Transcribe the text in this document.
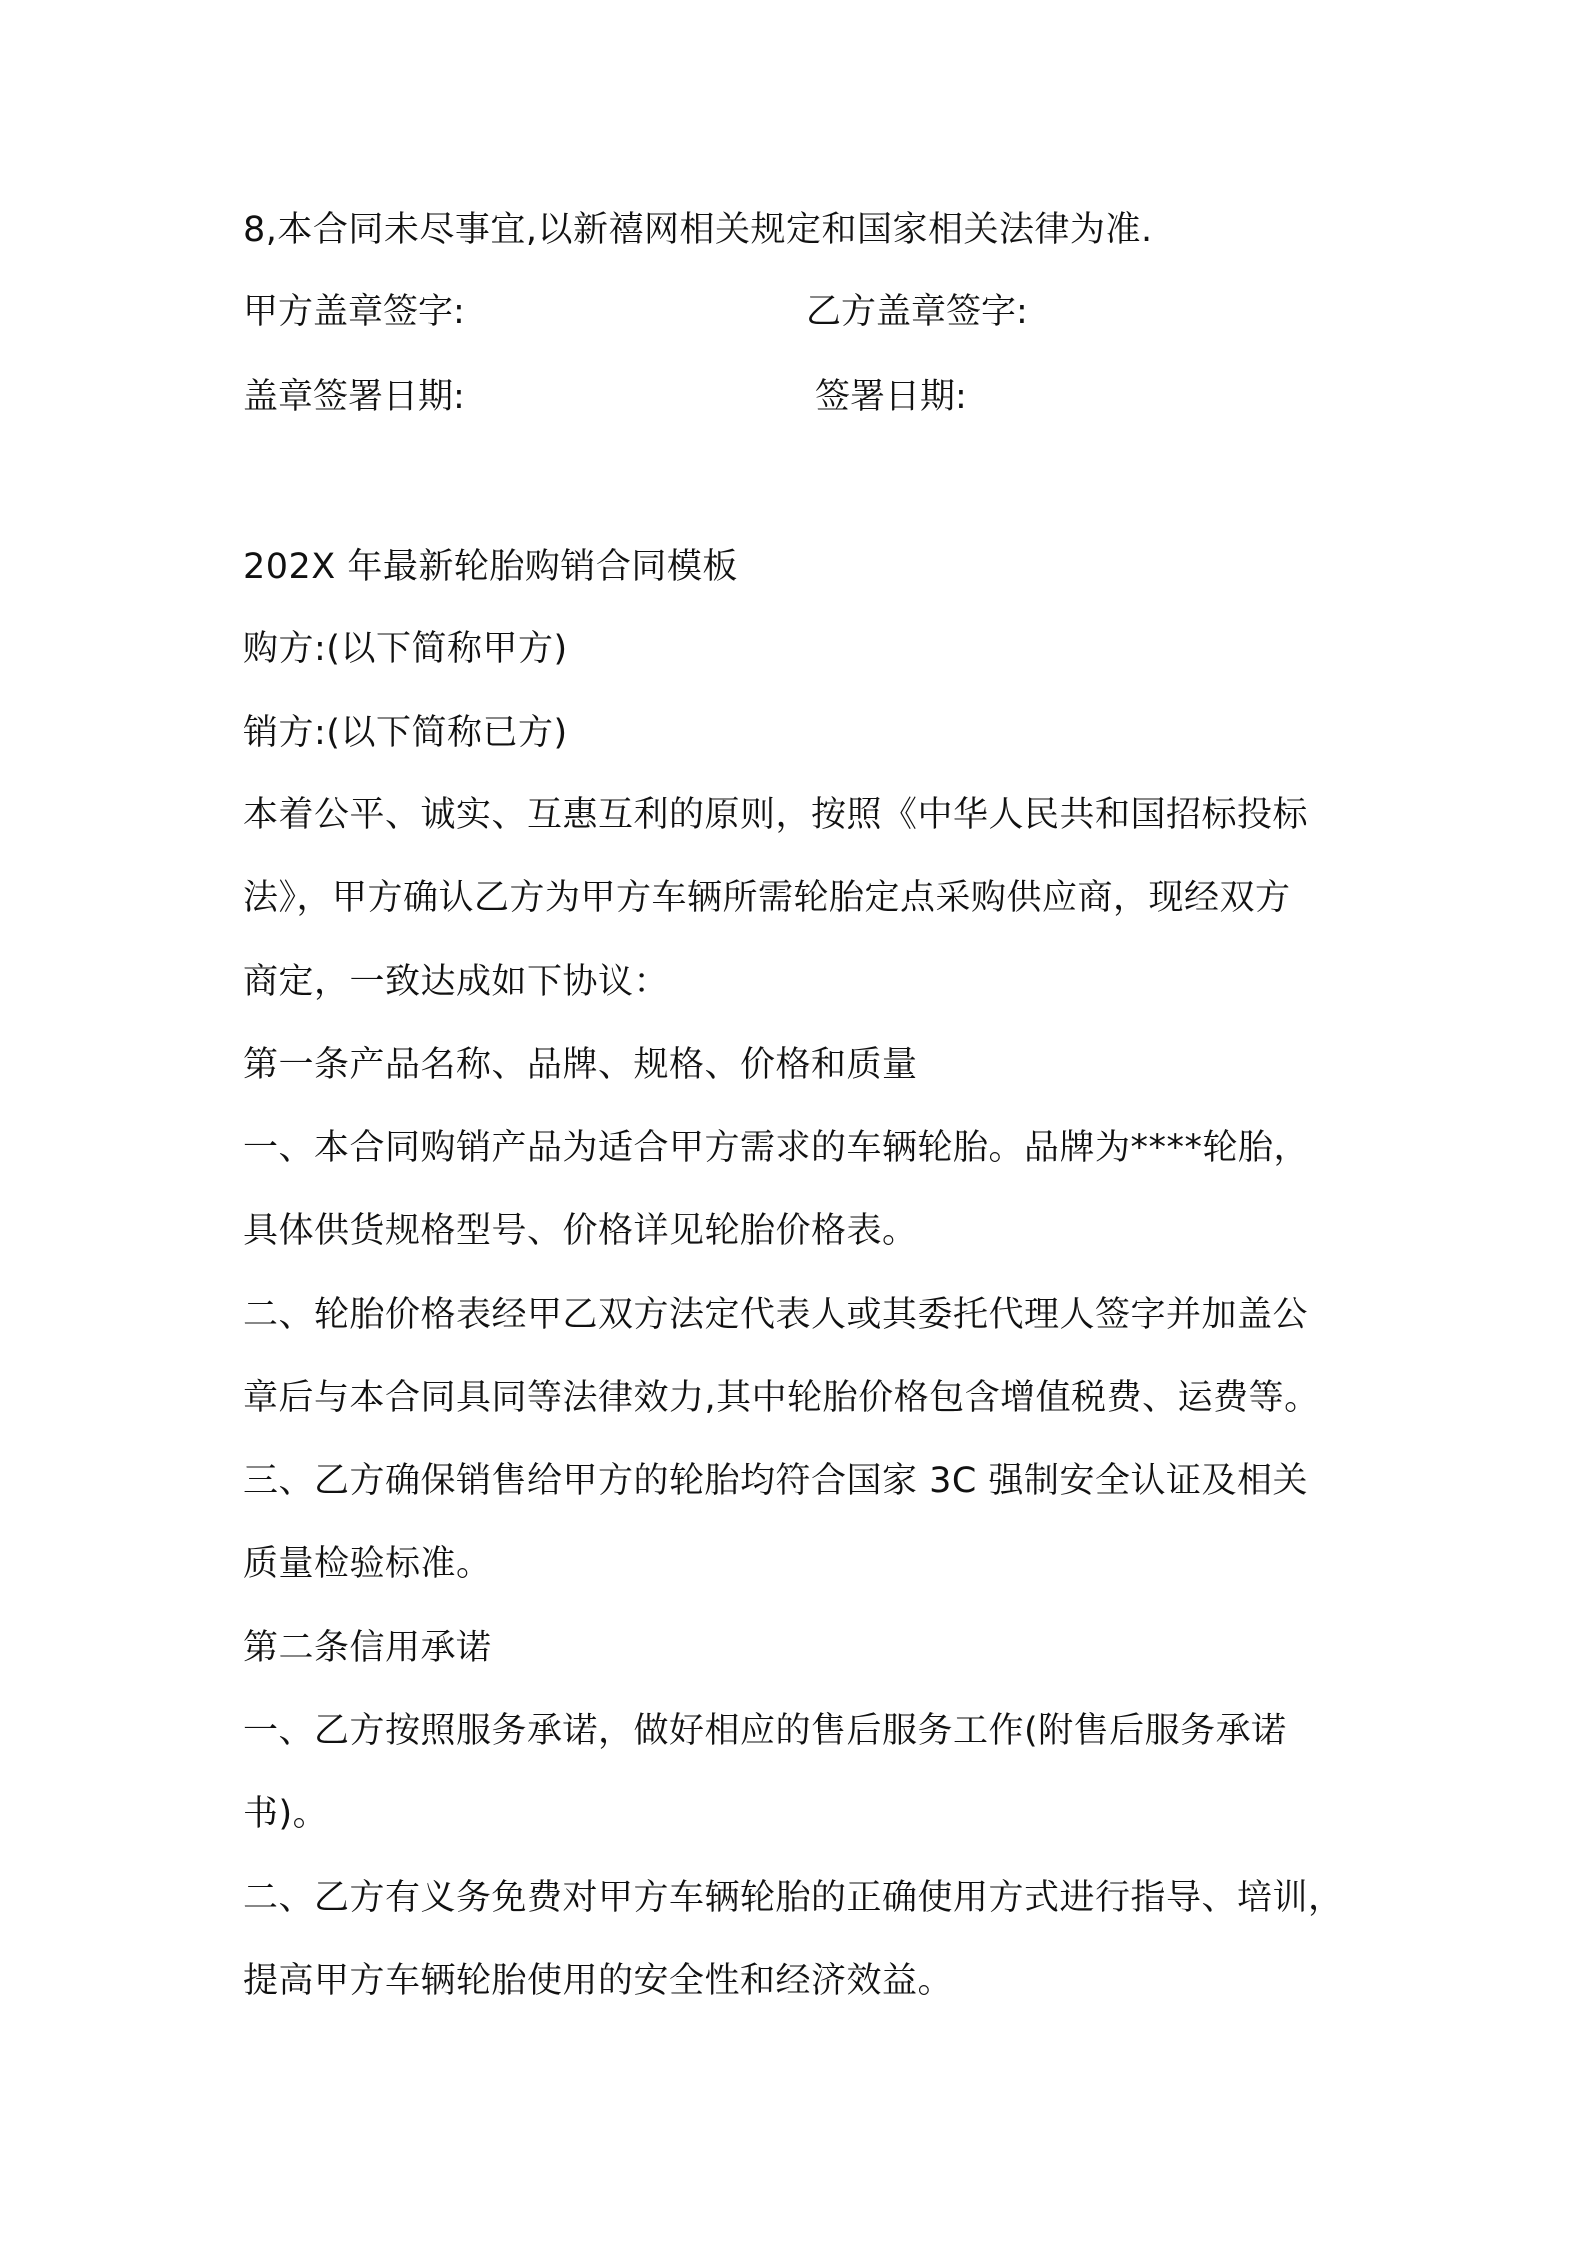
8,本合同未尽事宜,以新禧网相关规定和国家相关法律为准.
甲方盖章签字:	乙方盖章签字:
盖章签署日期:	签署日期:
202X 年最新轮胎购销合同模板
购方:(以下简称甲方)
销方:(以下简称已方)
本着公平、诚实、互惠互利的原则，按照《中华人民共和国招标投标
法》，甲方确认乙方为甲方车辆所需轮胎定点采购供应商，现经双方
商定，一致达成如下协议：
第一条产品名称、品牌、规格、价格和质量
一、本合同购销产品为适合甲方需求的车辆轮胎。品牌为****轮胎，
具体供货规格型号、价格详见轮胎价格表。
二、轮胎价格表经甲乙双方法定代表人或其委托代理人签字并加盖公
章后与本合同具同等法律效力,其中轮胎价格包含增值税费、运费等。
三、乙方确保销售给甲方的轮胎均符合国家 3C 强制安全认证及相关
质量检验标准。
第二条信用承诺
一、乙方按照服务承诺，做好相应的售后服务工作(附售后服务承诺
书)。
二、乙方有义务免费对甲方车辆轮胎的正确使用方式进行指导、培训，
提高甲方车辆轮胎使用的安全性和经济效益。
